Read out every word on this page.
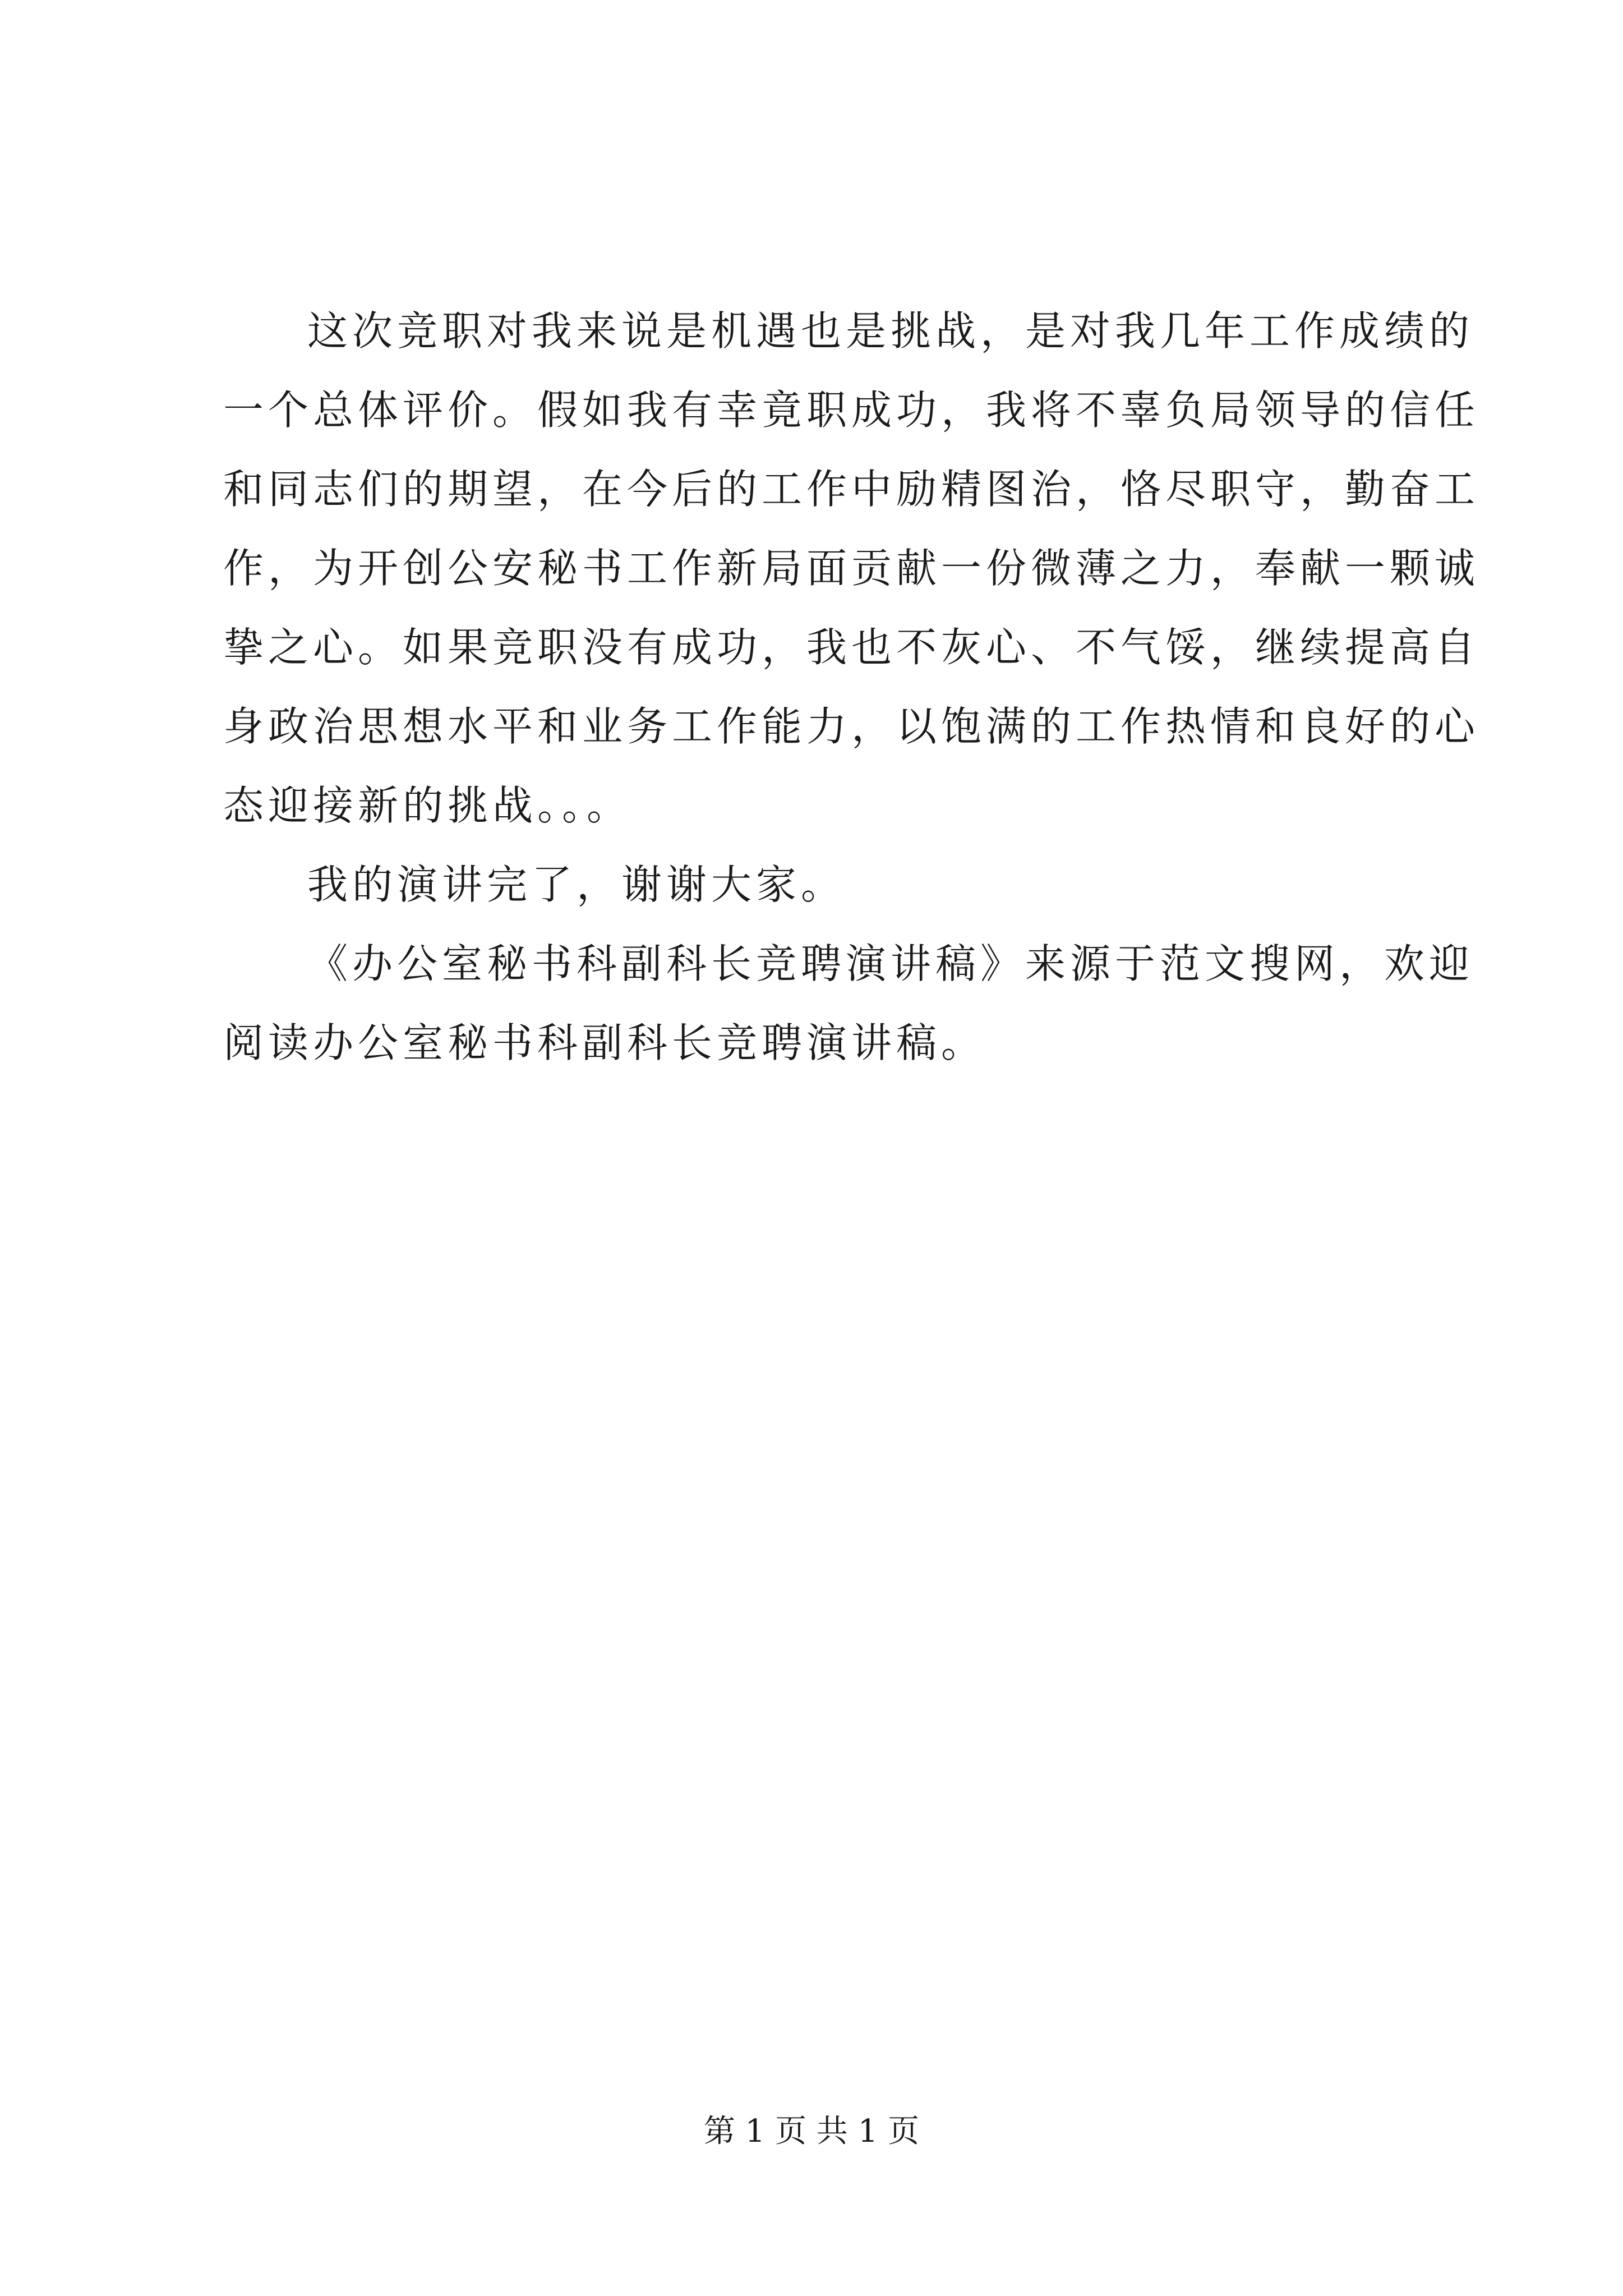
这次竞职对我来说是机遇也是挑战，是对我几年工作成绩的
一个总体评价。假如我有幸竟职成功，我将不辜负局领导的信任
和同志们的期望，在今后的工作中励精图治，恪尽职守，勤奋工
作，为开创公安秘书工作新局面贡献一份微薄之力，奉献一颗诚
挚之心。如果竞职没有成功，我也不灰心、不气馁，继续提高自
身政治思想水平和业务工作能力，以饱满的工作热情和良好的心
态迎接新的挑战。。。
我的演讲完了，谢谢大家。
《办公室秘书科副科长竞聘演讲稿》来源于范文搜网，欢迎
阅读办公室秘书科副科长竞聘演讲稿。
第 1 页 共 1 页
